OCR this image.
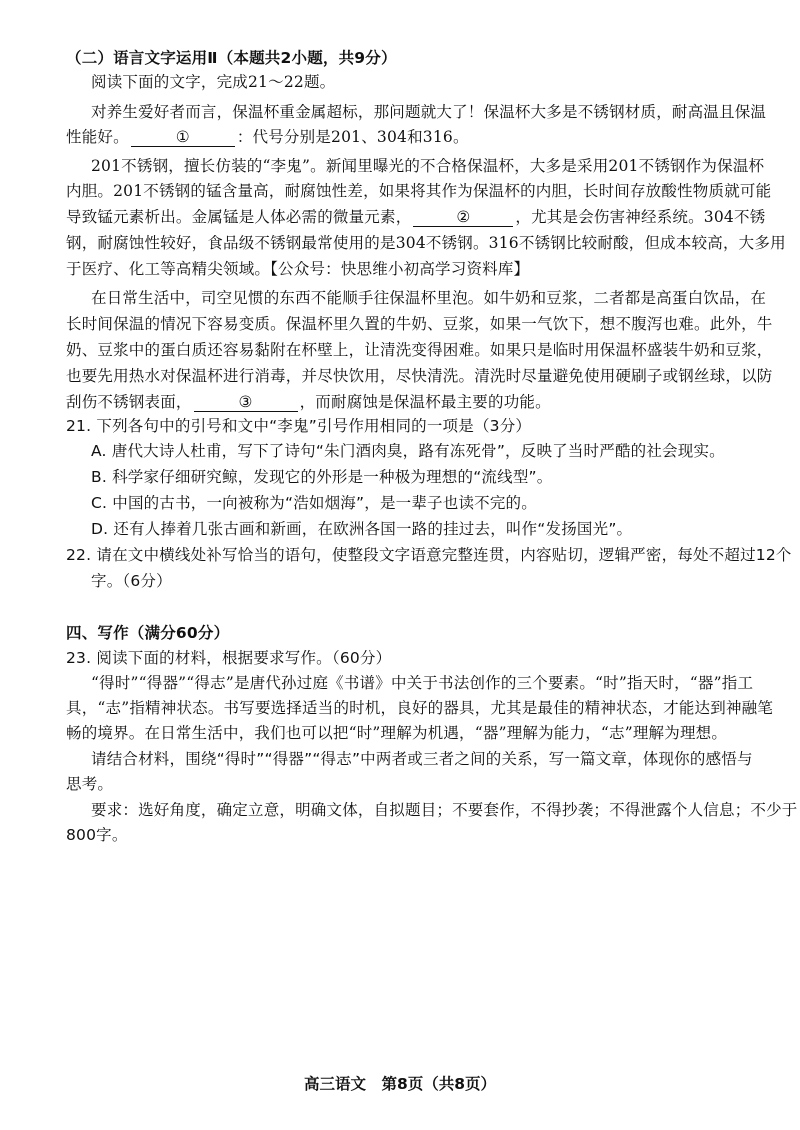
（二）语言文字运用Ⅱ（本题共2小题，共9分）
阅读下面的文字，完成21～22题。
对养生爱好者而言，保温杯重金属超标，那问题就大了！保温杯大多是不锈钢材质，耐高温且保温
性能好。	①	：代号分别是201、304和316。
201不锈钢，擅长仿装的“李鬼”。新闻里曝光的不合格保温杯，大多是采用201不锈钢作为保温杯
内胆。201不锈钢的锰含量高，耐腐蚀性差，如果将其作为保温杯的内胆，长时间存放酸性物质就可能
导致锰元素析出。金属锰是人体必需的微量元素，	②	，尤其是会伤害神经系统。304不锈
钢，耐腐蚀性较好，食品级不锈钢最常使用的是304不锈钢。316不锈钢比较耐酸，但成本较高，大多用
于医疗、化工等高精尖领域。【公众号：快思维小初高学习资料库】
在日常生活中，司空见惯的东西不能顺手往保温杯里泡。如牛奶和豆浆，二者都是高蛋白饮品，在
长时间保温的情况下容易变质。保温杯里久置的牛奶、豆浆，如果一气饮下，想不腹泻也难。此外，牛
奶、豆浆中的蛋白质还容易黏附在杯壁上，让清洗变得困难。如果只是临时用保温杯盛装牛奶和豆浆，
也要先用热水对保温杯进行消毒，并尽快饮用，尽快清洗。清洗时尽量避免使用硬刷子或钢丝球，以防
刮伤不锈钢表面，	③	，而耐腐蚀是保温杯最主要的功能。
21. 下列各句中的引号和文中“李鬼”引号作用相同的一项是（3分）
A. 唐代大诗人杜甫，写下了诗句“朱门酒肉臭，路有冻死骨”，反映了当时严酷的社会现实。
B. 科学家仔细研究鲸，发现它的外形是一种极为理想的“流线型”。
C. 中国的古书，一向被称为“浩如烟海”，是一辈子也读不完的。
D. 还有人捧着几张古画和新画，在欧洲各国一路的挂过去，叫作“发扬国光”。
22. 请在文中横线处补写恰当的语句，使整段文字语意完整连贯，内容贴切，逻辑严密，每处不超过12个
字。（6分）
四、写作（满分60分）
23. 阅读下面的材料，根据要求写作。（60分）
“得时”“得器”“得志”是唐代孙过庭《书谱》中关于书法创作的三个要素。“时”指天时，“器”指工
具，“志”指精神状态。书写要选择适当的时机，良好的器具，尤其是最佳的精神状态，才能达到神融笔
畅的境界。在日常生活中，我们也可以把“时”理解为机遇，“器”理解为能力，“志”理解为理想。
请结合材料，围绕“得时”“得器”“得志”中两者或三者之间的关系，写一篇文章，体现你的感悟与
思考。
要求：选好角度，确定立意，明确文体，自拟题目；不要套作，不得抄袭；不得泄露个人信息；不少于
800字。
高三语文　第8页（共8页）
